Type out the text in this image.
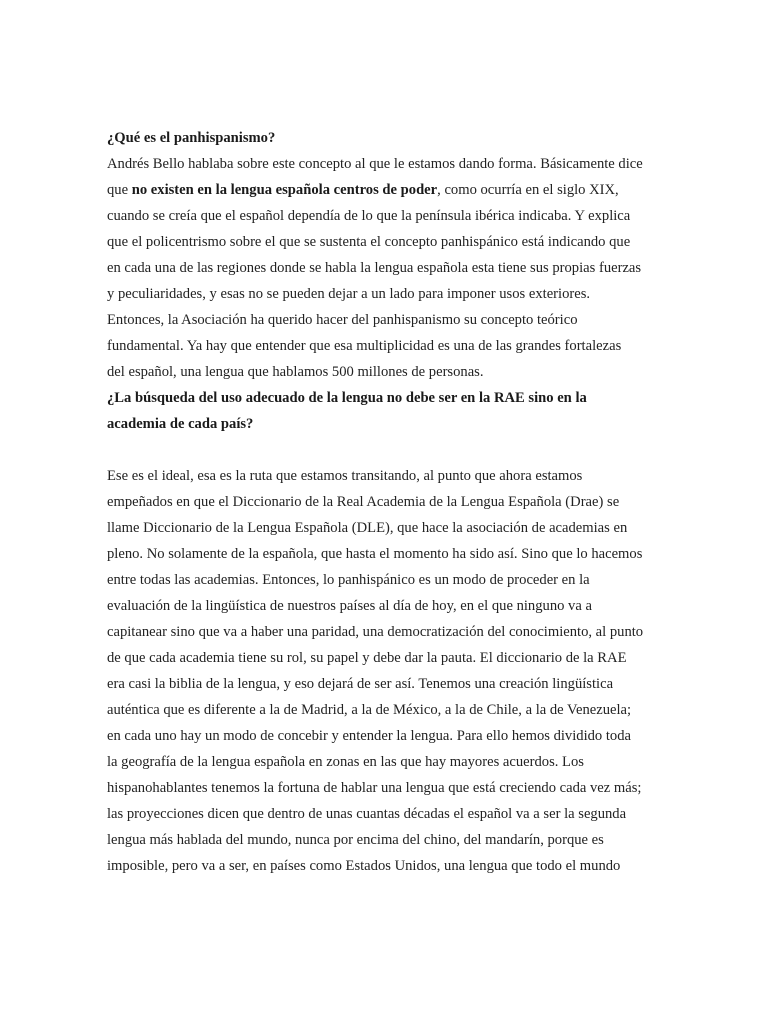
¿Qué es el panhispanismo?
Andrés Bello hablaba sobre este concepto al que le estamos dando forma. Básicamente dice
que no existen en la lengua española centros de poder, como ocurría en el siglo XIX,
cuando se creía que el español dependía de lo que la península ibérica indicaba. Y explica
que el policentrismo sobre el que se sustenta el concepto panhispánico está indicando que
en cada una de las regiones donde se habla la lengua española esta tiene sus propias fuerzas
y peculiaridades, y esas no se pueden dejar a un lado para imponer usos exteriores.
Entonces, la Asociación ha querido hacer del panhispanismo su concepto teórico
fundamental. Ya hay que entender que esa multiplicidad es una de las grandes fortalezas
del español, una lengua que hablamos 500 millones de personas.
¿La búsqueda del uso adecuado de la lengua no debe ser en la RAE sino en la
academia de cada país?
Ese es el ideal, esa es la ruta que estamos transitando, al punto que ahora estamos
empeñados en que el Diccionario de la Real Academia de la Lengua Española (Drae) se
llame Diccionario de la Lengua Española (DLE), que hace la asociación de academias en
pleno. No solamente de la española, que hasta el momento ha sido así. Sino que lo hacemos
entre todas las academias. Entonces, lo panhispánico es un modo de proceder en la
evaluación de la lingüística de nuestros países al día de hoy, en el que ninguno va a
capitanear sino que va a haber una paridad, una democratización del conocimiento, al punto
de que cada academia tiene su rol, su papel y debe dar la pauta. El diccionario de la RAE
era casi la biblia de la lengua, y eso dejará de ser así. Tenemos una creación lingüística
auténtica que es diferente a la de Madrid, a la de México, a la de Chile, a la de Venezuela;
en cada uno hay un modo de concebir y entender la lengua. Para ello hemos dividido toda
la geografía de la lengua española en zonas en las que hay mayores acuerdos. Los
hispanohablantes tenemos la fortuna de hablar una lengua que está creciendo cada vez más;
las proyecciones dicen que dentro de unas cuantas décadas el español va a ser la segunda
lengua más hablada del mundo, nunca por encima del chino, del mandarín, porque es
imposible, pero va a ser, en países como Estados Unidos, una lengua que todo el mundo
